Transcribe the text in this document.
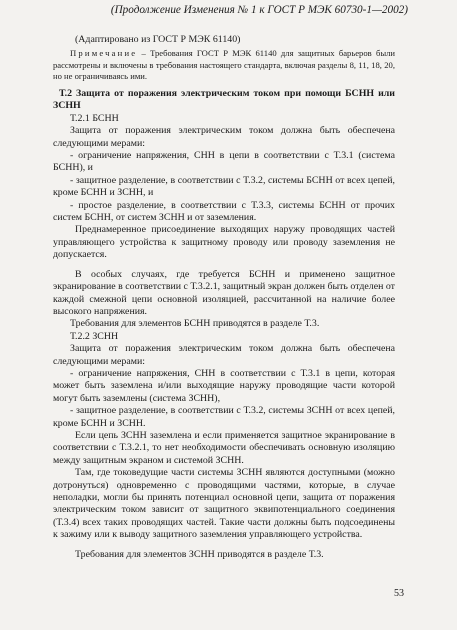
(Продолжение Изменения № 1 к ГОСТ Р МЭК 60730-1—2002)

(Адаптировано из ГОСТ Р МЭК 61140)

Примечание – Требования ГОСТ Р МЭК 61140 для защитных барьеров были рассмотрены и включены в требования настоящего стандарта, включая разделы 8, 11, 18, 20, но не ограничиваясь ими.

Т.2 Защита от поражения электрическим током при помощи БСНН или ЗСНН

Т.2.1 БСНН

Защита от поражения электрическим током должна быть обеспечена следующими мерами:

- ограничение напряжения, СНН в цепи в соответствии с Т.3.1 (система БСНН), и

- защитное разделение, в соответствии с Т.3.2, системы БСНН от всех цепей, кроме БСНН и ЗСНН, и

- простое разделение, в соответствии с Т.3.3, системы БСНН от прочих систем БСНН, от систем ЗСНН и от заземления.

Преднамеренное присоединение выходящих наружу проводящих частей управляющего устройства к защитному проводу или проводу заземления не допускается.

В особых случаях, где требуется БСНН и применено защитное экранирование в соответствии с Т.3.2.1, защитный экран должен быть отделен от каждой смежной цепи основной изоляцией, рассчитанной на наличие более высокого напряжения.

Требования для элементов БСНН приводятся в разделе Т.3.

Т.2.2 ЗСНН

Защита от поражения электрическим током должна быть обеспечена следующими мерами:

- ограничение напряжения, СНН в соответствии с Т.3.1 в цепи, которая может быть заземлена и/или выходящие наружу проводящие части которой могут быть заземлены (система ЗСНН),

- защитное разделение, в соответствии с Т.3.2, системы ЗСНН от всех цепей, кроме БСНН и ЗСНН.

Если цепь ЗСНН заземлена и если применяется защитное экранирование в соответствии с Т.3.2.1, то нет необходимости обеспечивать основную изоляцию между защитным экраном и системой ЗСНН.

Там, где токоведущие части системы ЗСНН являются доступными (можно дотронуться) одновременно с проводящими частями, которые, в случае неполадки, могли бы принять потенциал основной цепи, защита от поражения электрическим током зависит от защитного эквипотенциального соединения (Т.3.4) всех таких проводящих частей. Такие части должны быть подсоединены к зажиму или к выводу защитного заземления управляющего устройства.

Требования для элементов ЗСНН приводятся в разделе Т.3.

53
